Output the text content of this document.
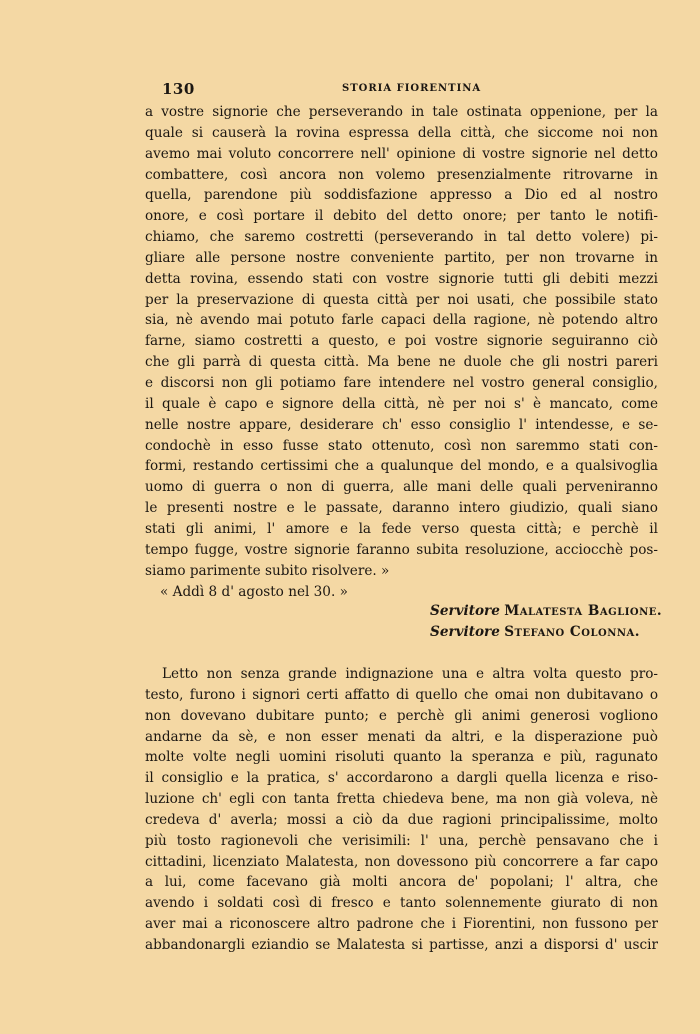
130	STORIA FIORENTINA
a vostre signorie che perseverando in tale ostinata oppenione, per la
quale si causerà la rovina espressa della città, che siccome noi non
avemo mai voluto concorrere nell' opinione di vostre signorie nel detto
combattere, così ancora non volemo presenzialmente ritrovarne in
quella, parendone più soddisfazione appresso a Dio ed al nostro
onore, e così portare il debito del detto onore; per tanto le notifi-
chiamo, che saremo costretti (perseverando in tal detto volere) pi-
gliare alle persone nostre conveniente partito, per non trovarne in
detta rovina, essendo stati con vostre signorie tutti gli debiti mezzi
per la preservazione di questa città per noi usati, che possibile stato
sia, nè avendo mai potuto farle capaci della ragione, nè potendo altro
farne, siamo costretti a questo, e poi vostre signorie seguiranno ciò
che gli parrà di questa città. Ma bene ne duole che gli nostri pareri
e discorsi non gli potiamo fare intendere nel vostro general consiglio,
il quale è capo e signore della città, nè per noi s' è mancato, come
nelle nostre appare, desiderare ch' esso consiglio l' intendesse, e se-
condochè in esso fusse stato ottenuto, così non saremmo stati con-
formi, restando certissimi che a qualunque del mondo, e a qualsivoglia
uomo di guerra o non di guerra, alle mani delle quali perveniranno
le presenti nostre e le passate, daranno intero giudizio, quali siano
stati gli animi, l' amore e la fede verso questa città; e perchè il
tempo fugge, vostre signorie faranno subita resoluzione, acciocchè pos-
siamo parimente subito risolvere. »
« Addì 8 d' agosto nel 30. »
Servitore Malatesta Baglione.
Servitore Stefano Colonna.
Letto non senza grande indignazione una e altra volta questo pro-
testo, furono i signori certi affatto di quello che omai non dubitavano o
non dovevano dubitare punto; e perchè gli animi generosi vogliono
andarne da sè, e non esser menati da altri, e la disperazione può
molte volte negli uomini risoluti quanto la speranza e più, ragunato
il consiglio e la pratica, s' accordarono a dargli quella licenza e riso-
luzione ch' egli con tanta fretta chiedeva bene, ma non già voleva, nè
credeva d' averla; mossi a ciò da due ragioni principalissime, molto
più tosto ragionevoli che verisimili: l' una, perchè pensavano che i
cittadini, licenziato Malatesta, non dovessono più concorrere a far capo
a lui, come facevano già molti ancora de' popolani; l' altra, che
avendo i soldati così di fresco e tanto solennemente giurato di non
aver mai a riconoscere altro padrone che i Fiorentini, non fussono per
abbandonargli eziandio se Malatesta si partisse, anzi a disporsi d' uscir
